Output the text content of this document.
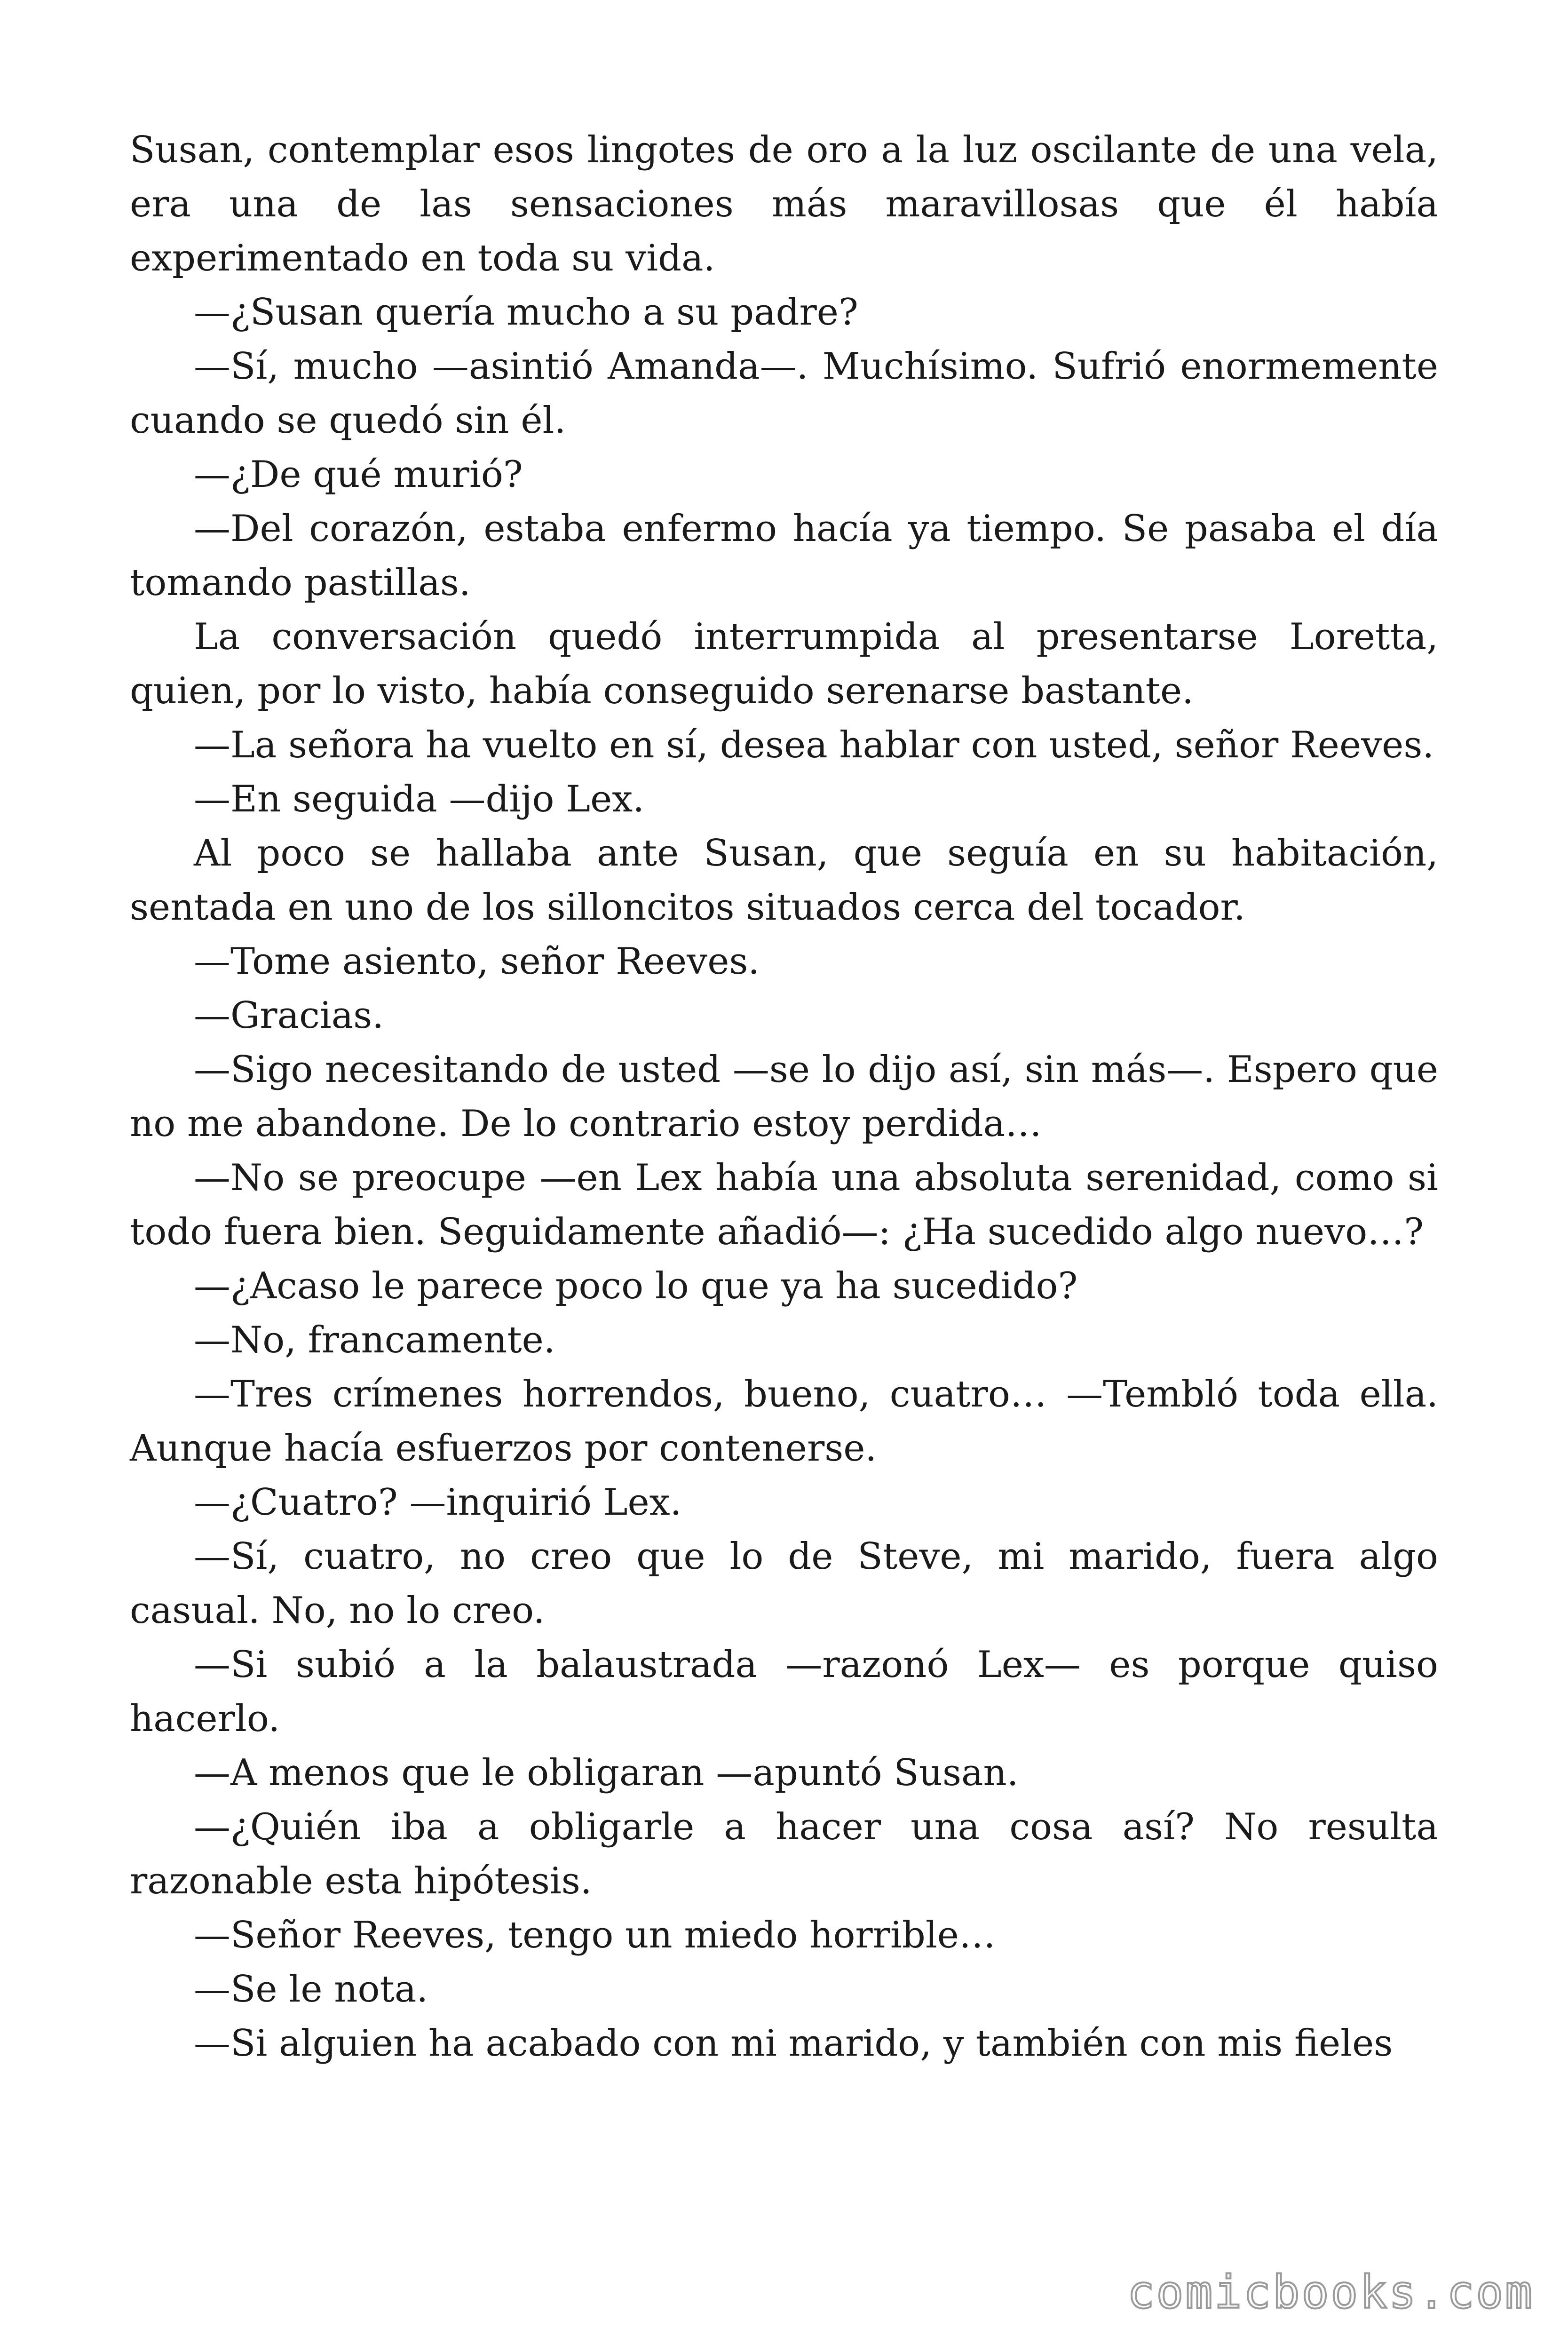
Susan, contemplar esos lingotes de oro a la luz oscilante de una vela, era una de las sensaciones más maravillosas que él había experimentado en toda su vida.

—¿Susan quería mucho a su padre?

—Sí, mucho —asintió Amanda—. Muchísimo. Sufrió enormemente cuando se quedó sin él.

—¿De qué murió?

—Del corazón, estaba enfermo hacía ya tiempo. Se pasaba el día tomando pastillas.

La conversación quedó interrumpida al presentarse Loretta, quien, por lo visto, había conseguido serenarse bastante.

—La señora ha vuelto en sí, desea hablar con usted, señor Reeves.

—En seguida —dijo Lex.

Al poco se hallaba ante Susan, que seguía en su habitación, sentada en uno de los silloncitos situados cerca del tocador.

—Tome asiento, señor Reeves.

—Gracias.

—Sigo necesitando de usted —se lo dijo así, sin más—. Espero que no me abandone. De lo contrario estoy perdida…

—No se preocupe —en Lex había una absoluta serenidad, como si todo fuera bien. Seguidamente añadió—: ¿Ha sucedido algo nuevo…?

—¿Acaso le parece poco lo que ya ha sucedido?

—No, francamente.

—Tres crímenes horrendos, bueno, cuatro… —Tembló toda ella. Aunque hacía esfuerzos por contenerse.

—¿Cuatro? —inquirió Lex.

—Sí, cuatro, no creo que lo de Steve, mi marido, fuera algo casual. No, no lo creo.

—Si subió a la balaustrada —razonó Lex— es porque quiso hacerlo.

—A menos que le obligaran —apuntó Susan.

—¿Quién iba a obligarle a hacer una cosa así? No resulta razonable esta hipótesis.

—Señor Reeves, tengo un miedo horrible…

—Se le nota.

—Si alguien ha acabado con mi marido, y también con mis fieles

comicbooks.com
